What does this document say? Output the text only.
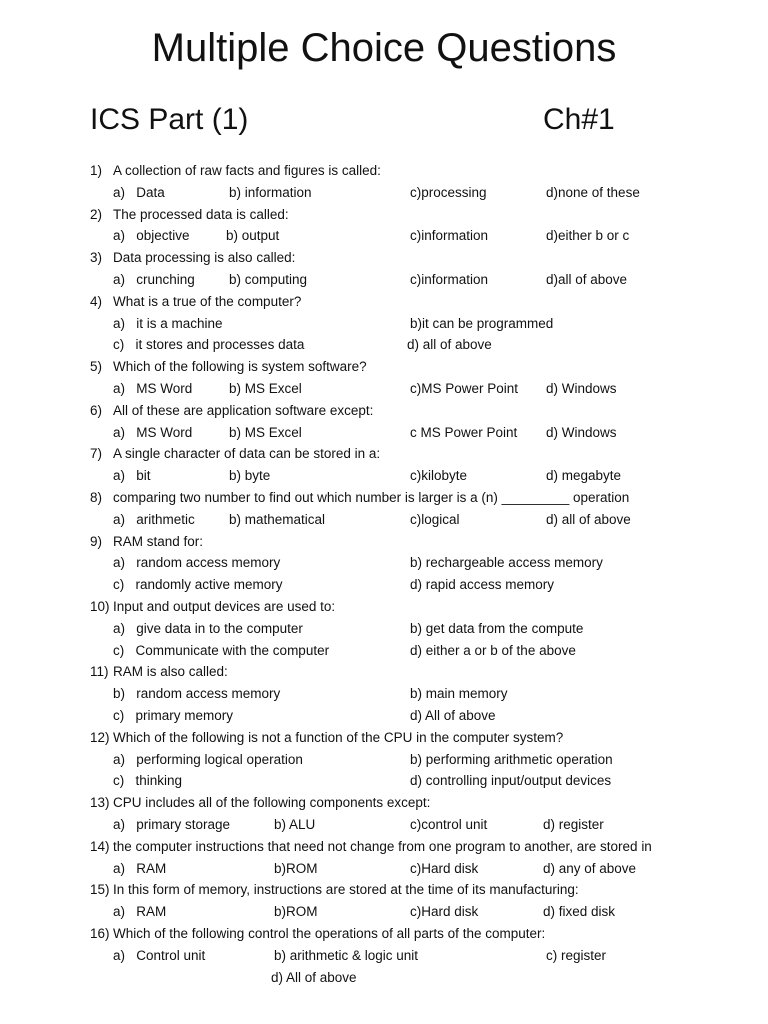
Multiple Choice Questions
ICS Part (1)	Ch#1
1) A collection of raw facts and figures is called:
a)   Data	b) information	c)processing	d)none of these
2) The processed data is called:
a)   objective	b) output	c)information	d)either b or c
3) Data processing is also called:
a)   crunching	b) computing	c)information	d)all of above
4) What is a true of the computer?
a)   it is a machine	b)it can be programmed
c)   it stores and processes data	d) all of above
5) Which of the following is system software?
a)   MS Word	b) MS Excel	c)MS Power Point d) Windows
6) All of these are application software except:
a)   MS Word	b) MS Excel	c MS Power Point d) Windows
7) A single character of data can be stored in a:
a)   bit	b) byte	c)kilobyte	d) megabyte
8) comparing two number to find out which number is larger is a (n) _________ operation
a)   arithmetic	b) mathematical	c)logical	d) all of above
9) RAM stand for:
a)   random access memory	b) rechargeable access memory
c)   randomly active memory	d) rapid access memory
10) Input and output devices are used to:
a)   give data in to the computer	b) get data from the compute
c)   Communicate with the computer	d) either a or b of the above
11) RAM is also called:
b)   random access memory	b) main memory
c)   primary memory	d) All of above
12) Which of the following is not a function of the CPU in the computer system?
a)   performing logical operation	b) performing arithmetic operation
c)   thinking	d) controlling input/output devices
13) CPU includes all of the following components except:
a)   primary storage	b) ALU	c)control unit	d) register
14) the computer instructions that need not change from one program to another, are stored in
a)   RAM	b)ROM	c)Hard disk	d) any of above
15) In this form of memory, instructions are stored at the time of its manufacturing:
a)   RAM	b)ROM	c)Hard disk	d) fixed disk
16) Which of the following control the operations of all parts of the computer:
a)   Control unit	b) arithmetic & logic unit	c) register
d) All of above
